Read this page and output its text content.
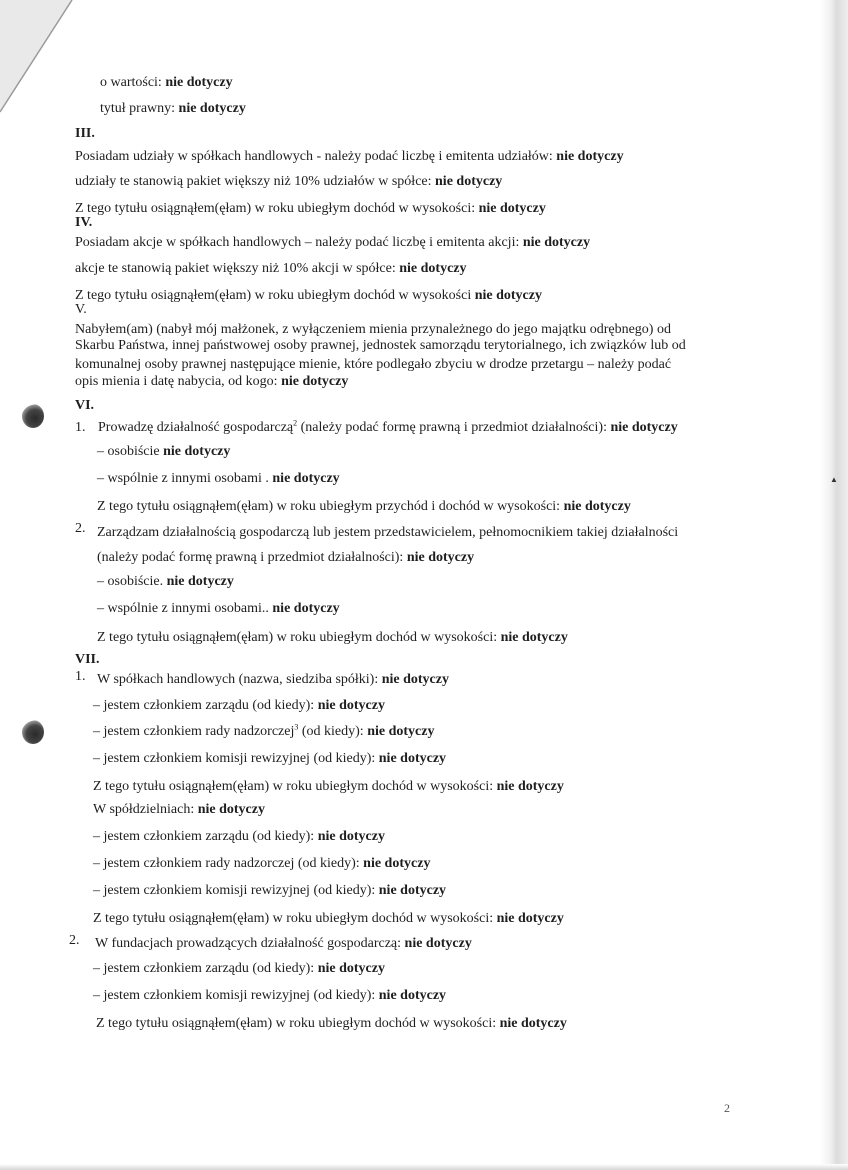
▲
o wartości: nie dotyczy
tytuł prawny: nie dotyczy
III.
Posiadam udziały w spółkach handlowych - należy podać liczbę i emitenta udziałów: nie dotyczy
udziały te stanowią pakiet większy niż 10% udziałów w spółce: nie dotyczy
Z tego tytułu osiągnąłem(ęłam) w roku ubiegłym dochód w wysokości: nie dotyczy
IV.
Posiadam akcje w spółkach handlowych – należy podać liczbę i emitenta akcji: nie dotyczy
akcje te stanowią pakiet większy niż 10% akcji w spółce: nie dotyczy
Z tego tytułu osiągnąłem(ęłam) w roku ubiegłym dochód w wysokości nie dotyczy
V.
Nabyłem(am) (nabył mój małżonek, z wyłączeniem mienia przynależnego do jego majątku odrębnego) od
Skarbu Państwa, innej państwowej osoby prawnej, jednostek samorządu terytorialnego, ich związków lub od
komunalnej osoby prawnej następujące mienie, które podlegało zbyciu w drodze przetargu – należy podać
opis mienia i datę nabycia, od kogo: nie dotyczy
VI.
1. Prowadzę działalność gospodarczą$^2$ (należy podać formę prawną i przedmiot działalności): nie dotyczy
– osobiście nie dotyczy
– wspólnie z innymi osobami . nie dotyczy
Z tego tytułu osiągnąłem(ęłam) w roku ubiegłym przychód i dochód w wysokości: nie dotyczy
2. Zarządzam działalnością gospodarczą lub jestem przedstawicielem, pełnomocnikiem takiej działalności
(należy podać formę prawną i przedmiot działalności): nie dotyczy
– osobiście. nie dotyczy
– wspólnie z innymi osobami.. nie dotyczy
Z tego tytułu osiągnąłem(ęłam) w roku ubiegłym dochód w wysokości: nie dotyczy
VII.
1. W spółkach handlowych (nazwa, siedziba spółki): nie dotyczy
– jestem członkiem zarządu (od kiedy): nie dotyczy
– jestem członkiem rady nadzorczej$^3$ (od kiedy): nie dotyczy
– jestem członkiem komisji rewizyjnej (od kiedy): nie dotyczy
Z tego tytułu osiągnąłem(ęłam) w roku ubiegłym dochód w wysokości: nie dotyczy
W spółdzielniach: nie dotyczy
– jestem członkiem zarządu (od kiedy): nie dotyczy
– jestem członkiem rady nadzorczej (od kiedy): nie dotyczy
– jestem członkiem komisji rewizyjnej (od kiedy): nie dotyczy
Z tego tytułu osiągnąłem(ęłam) w roku ubiegłym dochód w wysokości: nie dotyczy
2. W fundacjach prowadzących działalność gospodarczą: nie dotyczy
– jestem członkiem zarządu (od kiedy): nie dotyczy
– jestem członkiem komisji rewizyjnej (od kiedy): nie dotyczy
Z tego tytułu osiągnąłem(ęłam) w roku ubiegłym dochód w wysokości: nie dotyczy
2
